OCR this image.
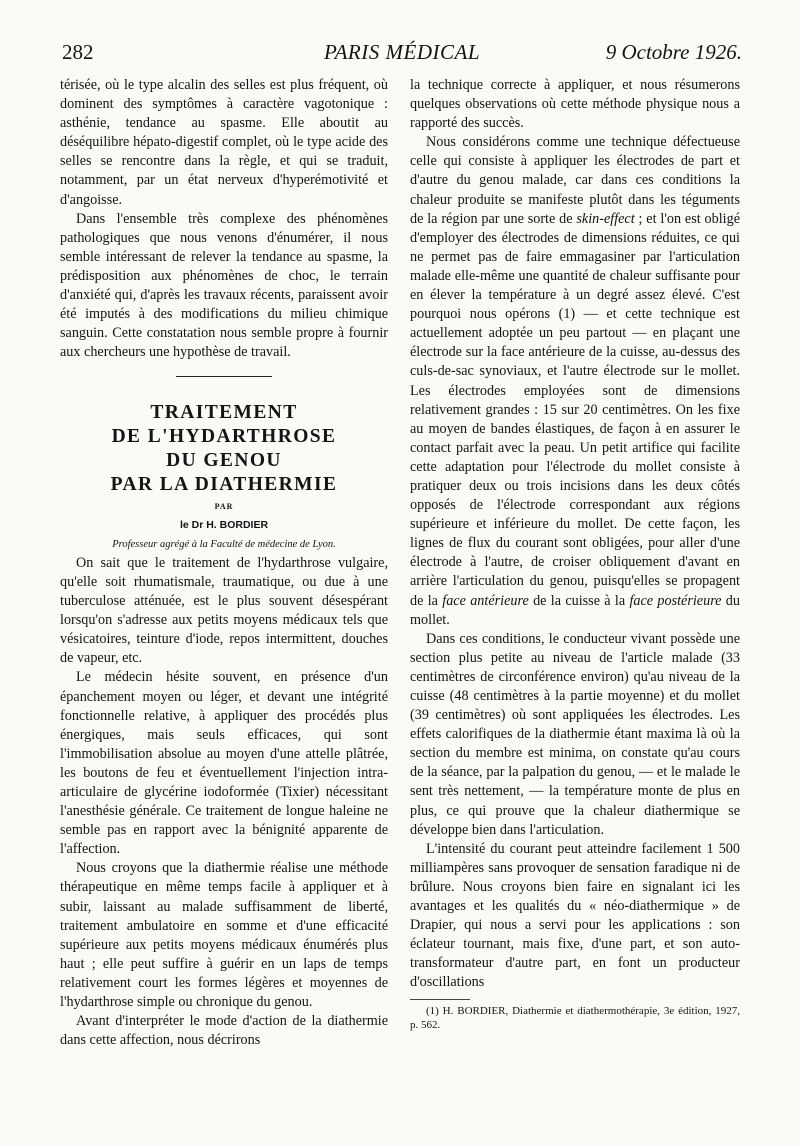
282	PARIS MÉDICAL	9 Octobre 1926.

térisée, où le type alcalin des selles est plus fréquent, où dominent des symptômes à caractère vagotonique : asthénie, tendance au spasme. Elle aboutit au déséquilibre hépato-digestif complet, où le type acide des selles se rencontre dans la règle, et qui se traduit, notamment, par un état nerveux d'hyperémotivité et d'angoisse.

Dans l'ensemble très complexe des phénomènes pathologiques que nous venons d'énumérer, il nous semble intéressant de relever la tendance au spasme, la prédisposition aux phénomènes de choc, le terrain d'anxiété qui, d'après les travaux récents, paraissent avoir été imputés à des modifications du milieu chimique sanguin. Cette constatation nous semble propre à fournir aux chercheurs une hypothèse de travail.

TRAITEMENT

DE L'HYDARTHROSE

DU GENOU

PAR LA DIATHERMIE

PAR

le Dr H. BORDIER

Professeur agrégé à la Faculté de médecine de Lyon.

On sait que le traitement de l'hydarthrose vulgaire, qu'elle soit rhumatismale, traumatique, ou due à une tuberculose atténuée, est le plus souvent désespérant lorsqu'on s'adresse aux petits moyens médicaux tels que vésicatoires, teinture d'iode, repos intermittent, douches de vapeur, etc.

Le médecin hésite souvent, en présence d'un épanchement moyen ou léger, et devant une intégrité fonctionnelle relative, à appliquer des procédés plus énergiques, mais seuls efficaces, qui sont l'immobilisation absolue au moyen d'une attelle plâtrée, les boutons de feu et éventuellement l'injection intra-articulaire de glycérine iodoformée (Tixier) nécessitant l'anesthésie générale. Ce traitement de longue haleine ne semble pas en rapport avec la bénignité apparente de l'affection.

Nous croyons que la diathermie réalise une méthode thérapeutique en même temps facile à appliquer et à subir, laissant au malade suffisamment de liberté, traitement ambulatoire en somme et d'une efficacité supérieure aux petits moyens médicaux énumérés plus haut ; elle peut suffire à guérir en un laps de temps relativement court les formes légères et moyennes de l'hydarthrose simple ou chronique du genou.

Avant d'interpréter le mode d'action de la diathermie dans cette affection, nous décrirons

la technique correcte à appliquer, et nous résumerons quelques observations où cette méthode physique nous a rapporté des succès.

Nous considérons comme une technique défectueuse celle qui consiste à appliquer les électrodes de part et d'autre du genou malade, car dans ces conditions la chaleur produite se manifeste plutôt dans les téguments de la région par une sorte de skin-effect ; et l'on est obligé d'employer des électrodes de dimensions réduites, ce qui ne permet pas de faire emmagasiner par l'articulation malade elle-même une quantité de chaleur suffisante pour en élever la température à un degré assez élevé. C'est pourquoi nous opérons (1) — et cette technique est actuellement adoptée un peu partout — en plaçant une électrode sur la face antérieure de la cuisse, au-dessus des culs-de-sac synoviaux, et l'autre électrode sur le mollet. Les électrodes employées sont de dimensions relativement grandes : 15 sur 20 centimètres. On les fixe au moyen de bandes élastiques, de façon à en assurer le contact parfait avec la peau. Un petit artifice qui facilite cette adaptation pour l'électrode du mollet consiste à pratiquer deux ou trois incisions dans les deux côtés opposés de l'électrode correspondant aux régions supérieure et inférieure du mollet. De cette façon, les lignes de flux du courant sont obligées, pour aller d'une électrode à l'autre, de croiser obliquement d'avant en arrière l'articulation du genou, puisqu'elles se propagent de la face antérieure de la cuisse à la face postérieure du mollet.

Dans ces conditions, le conducteur vivant possède une section plus petite au niveau de l'article malade (33 centimètres de circonférence environ) qu'au niveau de la cuisse (48 centimètres à la partie moyenne) et du mollet (39 centimètres) où sont appliquées les électrodes. Les effets calorifiques de la diathermie étant maxima là où la section du membre est minima, on constate qu'au cours de la séance, par la palpation du genou, — et le malade le sent très nettement, — la température monte de plus en plus, ce qui prouve que la chaleur diathermique se développe bien dans l'articulation.

L'intensité du courant peut atteindre facilement 1 500 milliampères sans provoquer de sensation faradique ni de brûlure. Nous croyons bien faire en signalant ici les avantages et les qualités du « néo-diathermique » de Drapier, qui nous a servi pour les applications : son éclateur tournant, mais fixe, d'une part, et son auto-transformateur d'autre part, en font un producteur d'oscillations

(1) H. BORDIER, Diathermie et diathermothérapie, 3e édition, 1927, p. 562.
